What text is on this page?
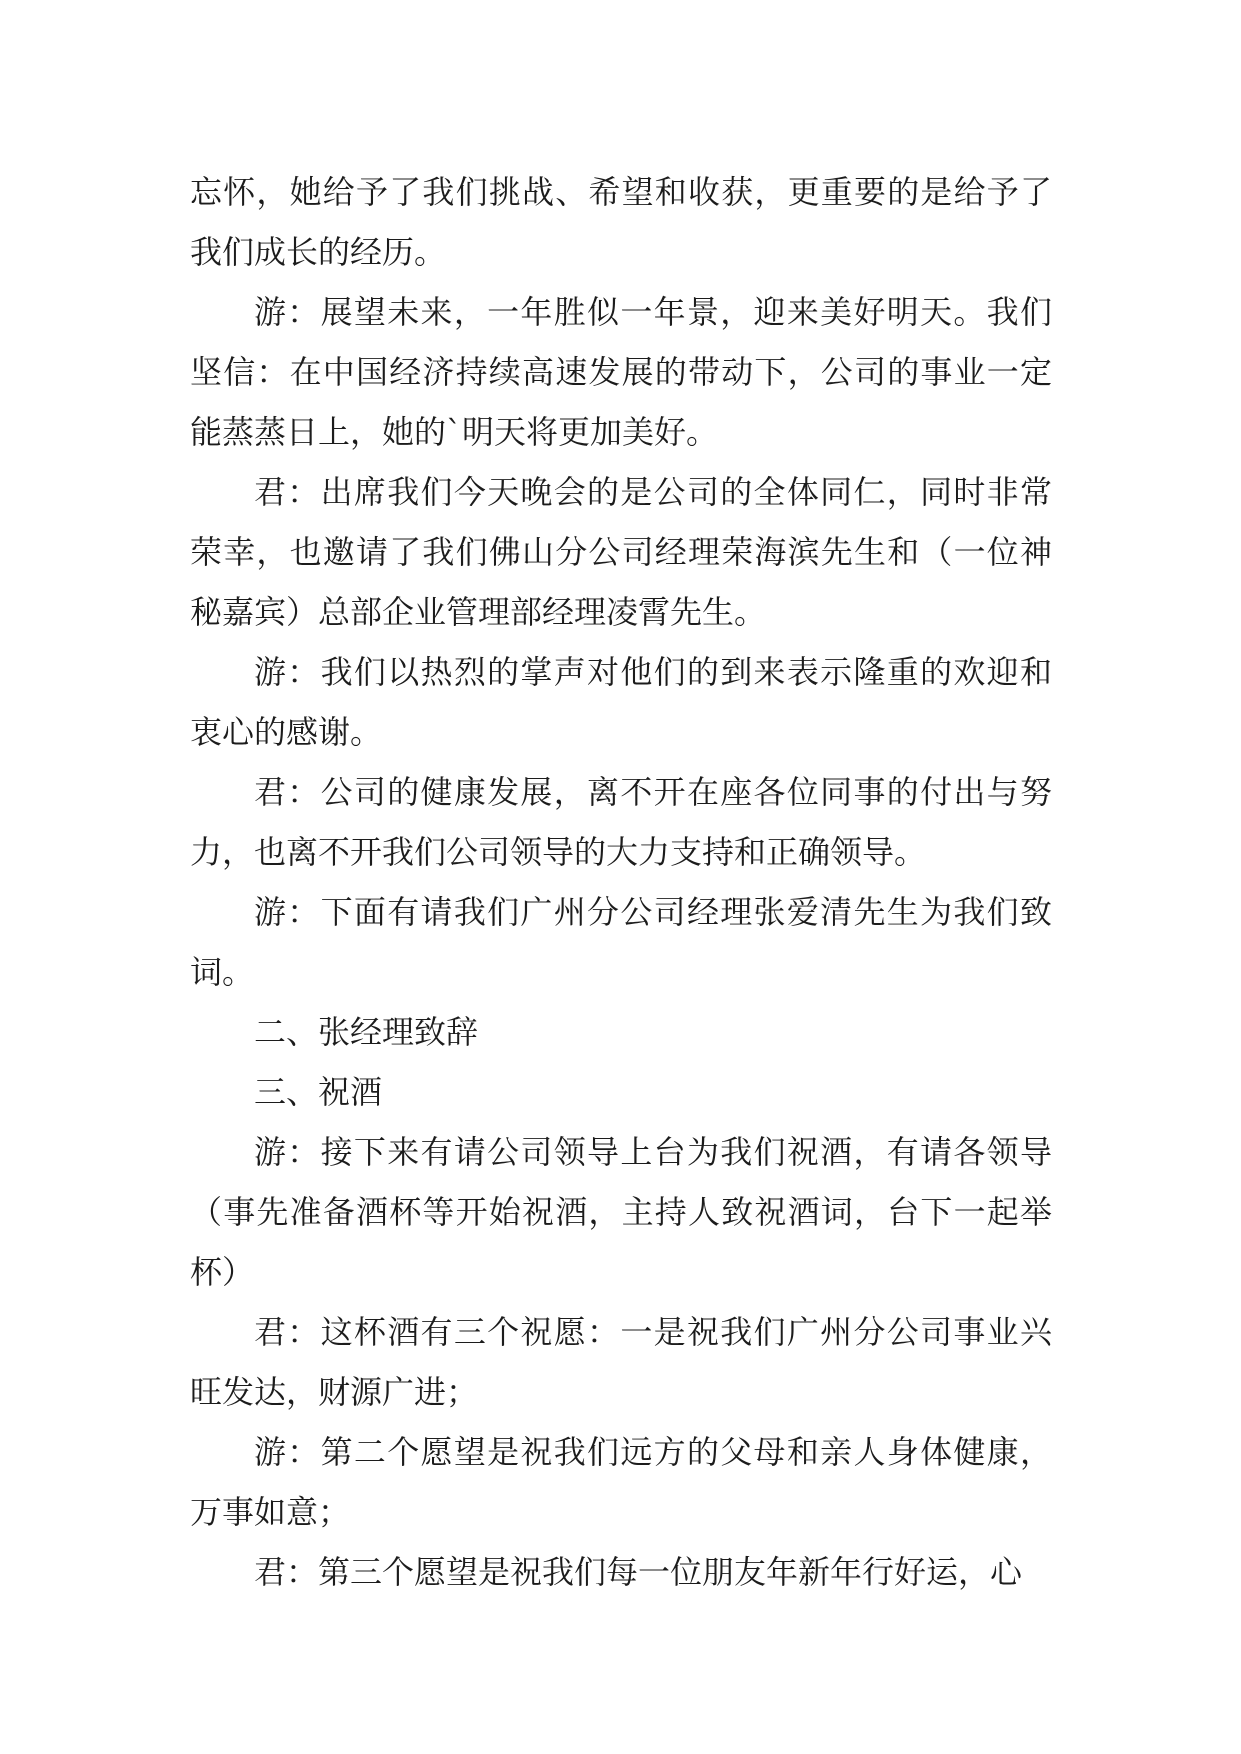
忘怀，她给予了我们挑战、希望和收获，更重要的是给予了我们成长的经历。

游：展望未来，一年胜似一年景，迎来美好明天。我们坚信：在中国经济持续高速发展的带动下，公司的事业一定能蒸蒸日上，她的`明天将更加美好。

君：出席我们今天晚会的是公司的全体同仁，同时非常荣幸，也邀请了我们佛山分公司经理荣海滨先生和（一位神秘嘉宾）总部企业管理部经理凌霄先生。

游：我们以热烈的掌声对他们的到来表示隆重的欢迎和衷心的感谢。

君：公司的健康发展，离不开在座各位同事的付出与努力，也离不开我们公司领导的大力支持和正确领导。

游：下面有请我们广州分公司经理张爱清先生为我们致词。

二、张经理致辞

三、祝酒

游：接下来有请公司领导上台为我们祝酒，有请各领导（事先准备酒杯等开始祝酒，主持人致祝酒词，台下一起举杯）

君：这杯酒有三个祝愿：一是祝我们广州分公司事业兴旺发达，财源广进；

游：第二个愿望是祝我们远方的父母和亲人身体健康，万事如意；

君：第三个愿望是祝我们每一位朋友年新年行好运，心
